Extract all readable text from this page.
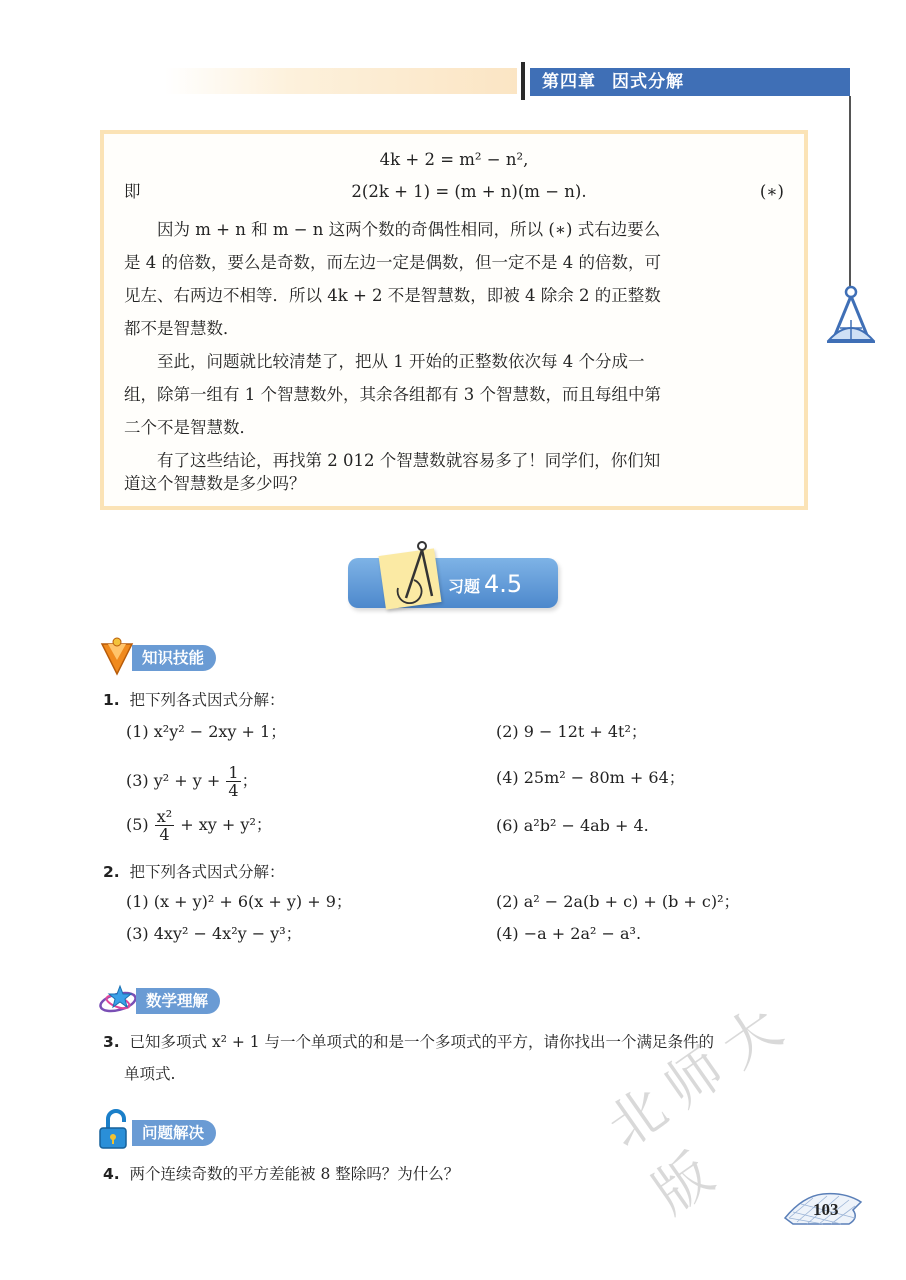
第四章 因式分解
4k + 2 = m² − n²,
即	2(2k + 1) = (m + n)(m − n).	(∗)
　　因为 m + n 和 m − n 这两个数的奇偶性相同，所以 (∗) 式右边要么
是 4 的倍数，要么是奇数，而左边一定是偶数，但一定不是 4 的倍数，可
见左、右两边不相等．所以 4k + 2 不是智慧数，即被 4 除余 2 的正整数
都不是智慧数．
　　至此，问题就比较清楚了，把从 1 开始的正整数依次每 4 个分成一
组，除第一组有 1 个智慧数外，其余各组都有 3 个智慧数，而且每组中第
二个不是智慧数．
　　有了这些结论，再找第 2 012 个智慧数就容易多了！同学们，你们知
道这个智慧数是多少吗？
习题 4.5
知识技能
1. 把下列各式因式分解：
(1) x²y² − 2xy + 1；	(2) 9 − 12t + 4t²；
(3) $y^2 + y + \frac{1}{4}$ ；	(4) 25m² − 80m + 64；
$(5) \frac{\text{x²}}{4}$ + xy + y²；	(6) a²b² − 4ab + 4.
2. 把下列各式因式分解：
(1) (x + y)² + 6(x + y) + 9；	(2) a² − 2a(b + c) + (b + c)²；
(3) 4xy² − 4x²y − y³；	(4) −a + 2a² − a³.
数学理解
3. 已知多项式 x² + 1 与一个单项式的和是一个多项式的平方，请你找出一个满足条件的
单项式.
问题解决
4. 两个连续奇数的平方差能被 8 整除吗？为什么？
北师大版	103
